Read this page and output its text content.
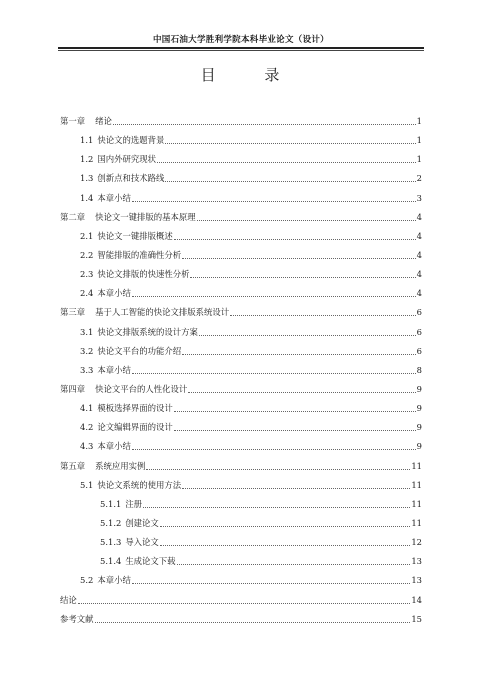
中国石油大学胜利学院本科毕业论文（设计）
目 录
第一章 绪论	1
1.1 快论文的选题背景	1
1.2 国内外研究现状	1
1.3 创新点和技术路线	2
1.4 本章小结	3
第二章 快论文一键排版的基本原理	4
2.1 快论文一键排版概述	4
2.2 智能排版的准确性分析	4
2.3 快论文排版的快速性分析	4
2.4 本章小结	4
第三章 基于人工智能的快论文排版系统设计	6
3.1 快论文排版系统的设计方案	6
3.2 快论文平台的功能介绍	6
3.3 本章小结	8
第四章 快论文平台的人性化设计	9
4.1 模板选择界面的设计	9
4.2 论文编辑界面的设计	9
4.3 本章小结	9
第五章 系统应用实例	11
5.1 快论文系统的使用方法	11
5.1.1 注册	11
5.1.2 创建论文	11
5.1.3 导入论文	12
5.1.4 生成论文下载	13
5.2 本章小结	13
结论	14
参考文献	15
